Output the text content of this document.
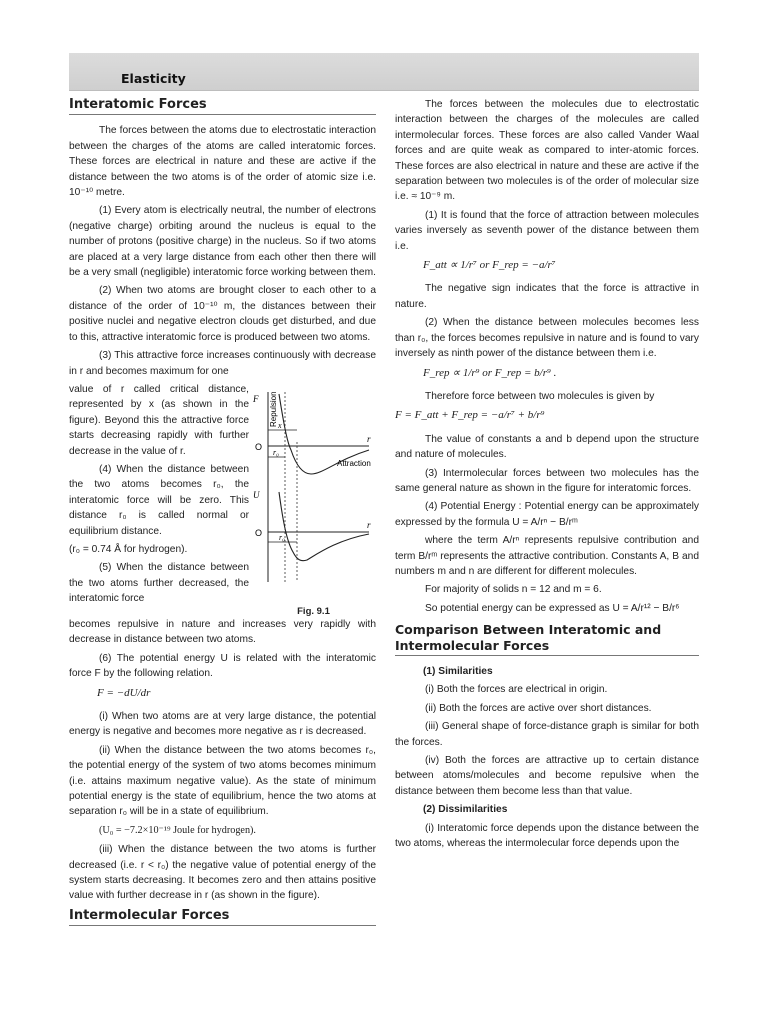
Elasticity
Interatomic Forces

The forces between the atoms due to electrostatic interaction between the charges of the atoms are called interatomic forces. These forces are electrical in nature and these are active if the distance between the two atoms is of the order of atomic size i.e. 10⁻¹⁰ metre.

(1) Every atom is electrically neutral, the number of electrons (negative charge) orbiting around the nucleus is equal to the number of protons (positive charge) in the nucleus. So if two atoms are placed at a very large distance from each other then there will be a very small (negligible) interatomic force working between them.

(2) When two atoms are brought closer to each other to a distance of the order of 10⁻¹⁰ m, the distances between their positive nuclei and negative electron clouds get disturbed, and due to this, attractive interatomic force is produced between two atoms.

(3) This attractive force increases continuously with decrease in r and becomes maximum for one

value of r called critical distance, represented by x (as shown in the figure). Beyond this the attractive force starts decreasing rapidly with further decrease in the value of r.

(4) When the distance between the two atoms becomes r₀, the interatomic force will be zero. This distance r₀ is called normal or equilibrium distance.

(r₀ = 0.74 Å for hydrogen).

(5) When the distance between the two atoms further decreased, the interatomic force

F
O
r
x
r₀
Repulsion
Attraction
U
O
r
r₀
Fig. 9.1

becomes repulsive in nature and increases very rapidly with decrease in distance between two atoms.

(6) The potential energy U is related with the interatomic force F by the following relation.

F = −dU/dr

(i) When two atoms are at very large distance, the potential energy is negative and becomes more negative as r is decreased.

(ii) When the distance between the two atoms becomes r₀, the potential energy of the system of two atoms becomes minimum (i.e. attains maximum negative value). As the state of minimum potential energy is the state of equilibrium, hence the two atoms at separation r₀ will be in a state of equilibrium.

(U₀ = −7.2×10⁻¹⁹ Joule for hydrogen).

(iii) When the distance between the two atoms is further decreased (i.e. r < r₀) the negative value of potential energy of the system starts decreasing. It becomes zero and then attains positive value with further decrease in r (as shown in the figure).

Intermolecular Forces

The forces between the molecules due to electrostatic interaction between the charges of the molecules are called intermolecular forces. These forces are also called Vander Waal forces and are quite weak as compared to inter-atomic forces. These forces are also electrical in nature and these are active if the separation between two molecules is of the order of molecular size i.e. ≈ 10⁻⁹ m.

(1) It is found that the force of attraction between molecules varies inversely as seventh power of the distance between them i.e.

F_att ∝ 1/r⁷ or F_rep = −a/r⁷

The negative sign indicates that the force is attractive in nature.

(2) When the distance between molecules becomes less than r₀, the forces becomes repulsive in nature and is found to vary inversely as ninth power of the distance between them i.e.

F_rep ∝ 1/r⁹ or F_rep = b/r⁹ .

Therefore force between two molecules is given by

F = F_att + F_rep = −a/r⁷ + b/r⁹

The value of constants a and b depend upon the structure and nature of molecules.

(3) Intermolecular forces between two molecules has the same general nature as shown in the figure for interatomic forces.

(4) Potential Energy : Potential energy can be approximately expressed by the formula U = A/rⁿ − B/rᵐ

where the term A/rⁿ represents repulsive contribution and term B/rᵐ represents the attractive contribution. Constants A, B and numbers m and n are different for different molecules.

For majority of solids n = 12 and m = 6.

So potential energy can be expressed as U = A/r¹² − B/r⁶

Comparison Between Interatomic and Intermolecular Forces

(1) Similarities

(i) Both the forces are electrical in origin.

(ii) Both the forces are active over short distances.

(iii) General shape of force-distance graph is similar for both the forces.

(iv) Both the forces are attractive up to certain distance between atoms/molecules and become repulsive when the distance between them become less than that value.

(2) Dissimilarities

(i) Interatomic force depends upon the distance between the two atoms, whereas the intermolecular force depends upon the
